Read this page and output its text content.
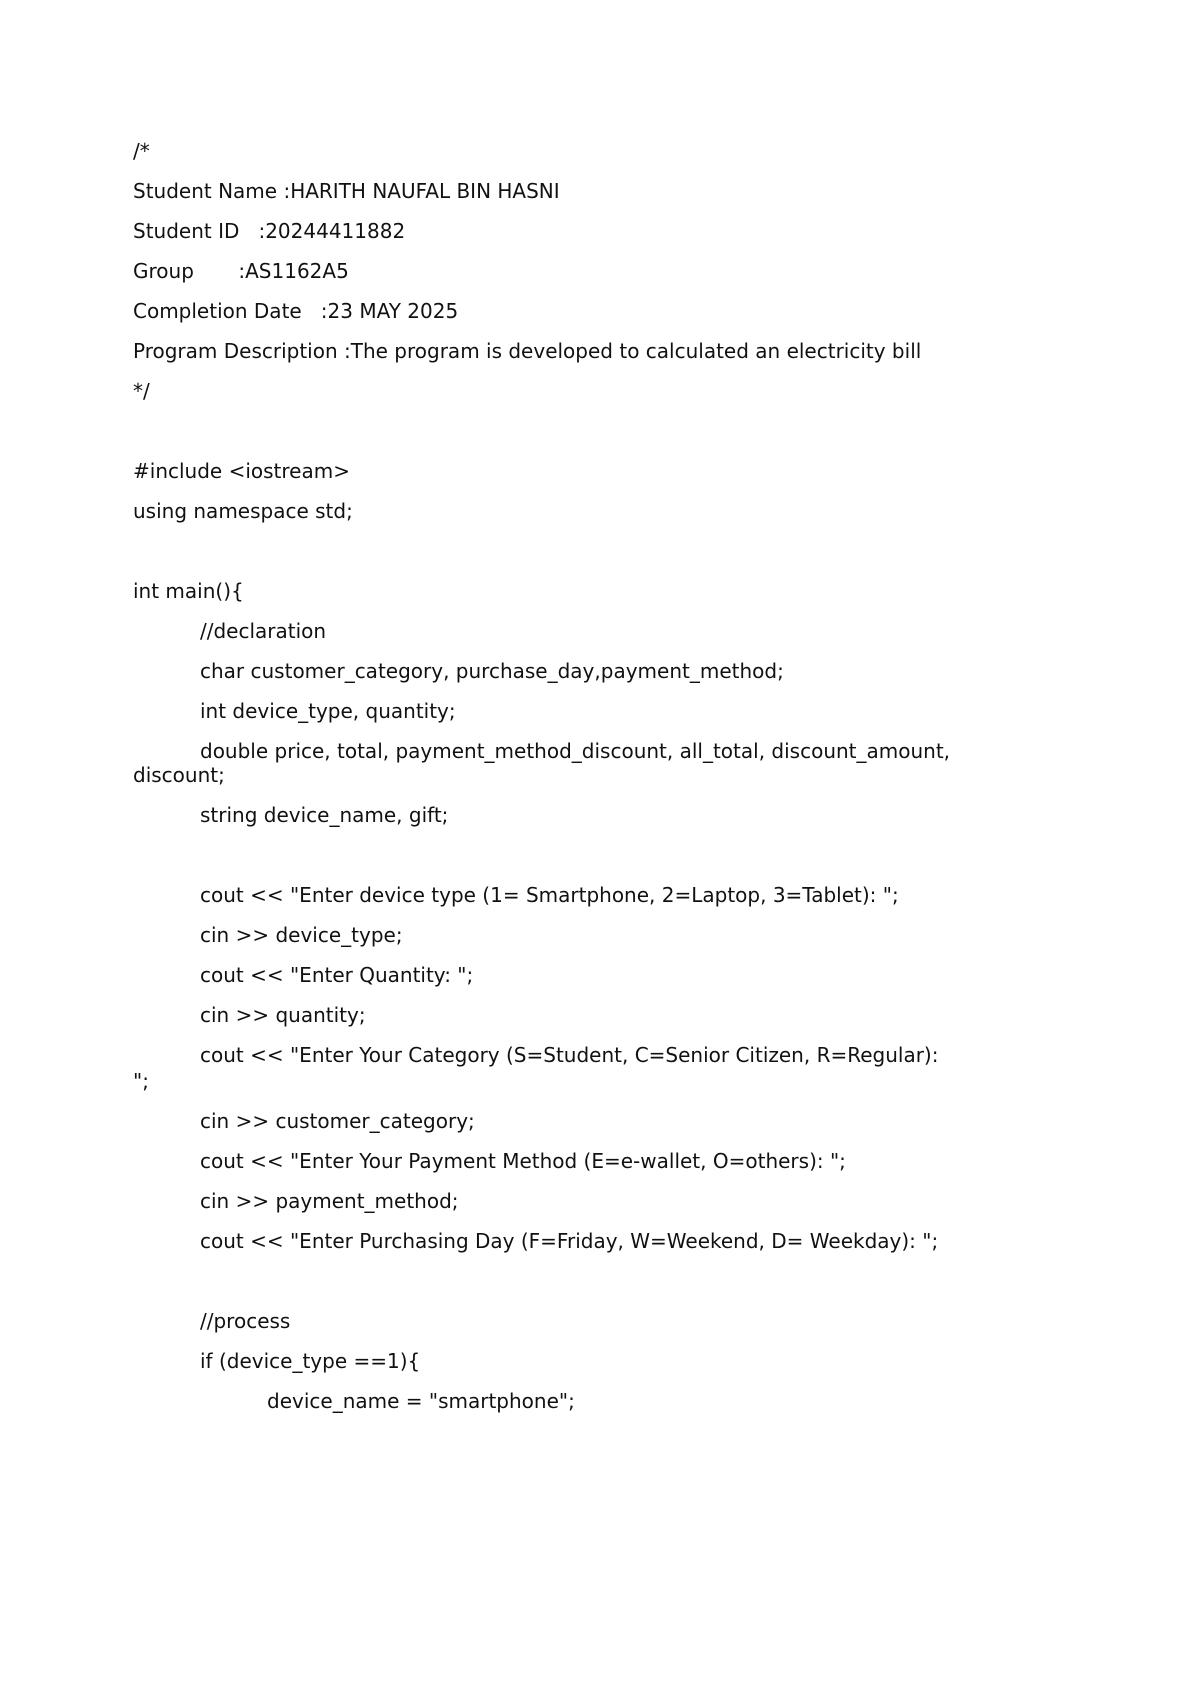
/*

Student Name :HARITH NAUFAL BIN HASNI

Student ID   :20244411882

Group       :AS1162A5

Completion Date   :23 MAY 2025

Program Description :The program is developed to calculated an electricity bill

*/

#include <iostream>

using namespace std;

int main(){

//declaration

char customer_category, purchase_day,payment_method;

int device_type, quantity;

double price, total, payment_method_discount, all_total, discount_amount,

discount;

string device_name, gift;

cout << "Enter device type (1= Smartphone, 2=Laptop, 3=Tablet): ";

cin >> device_type;

cout << "Enter Quantity: ";

cin >> quantity;

cout << "Enter Your Category (S=Student, C=Senior Citizen, R=Regular):

";

cin >> customer_category;

cout << "Enter Your Payment Method (E=e-wallet, O=others): ";

cin >> payment_method;

cout << "Enter Purchasing Day (F=Friday, W=Weekend, D= Weekday): ";

//process

if (device_type ==1){

device_name = "smartphone";
